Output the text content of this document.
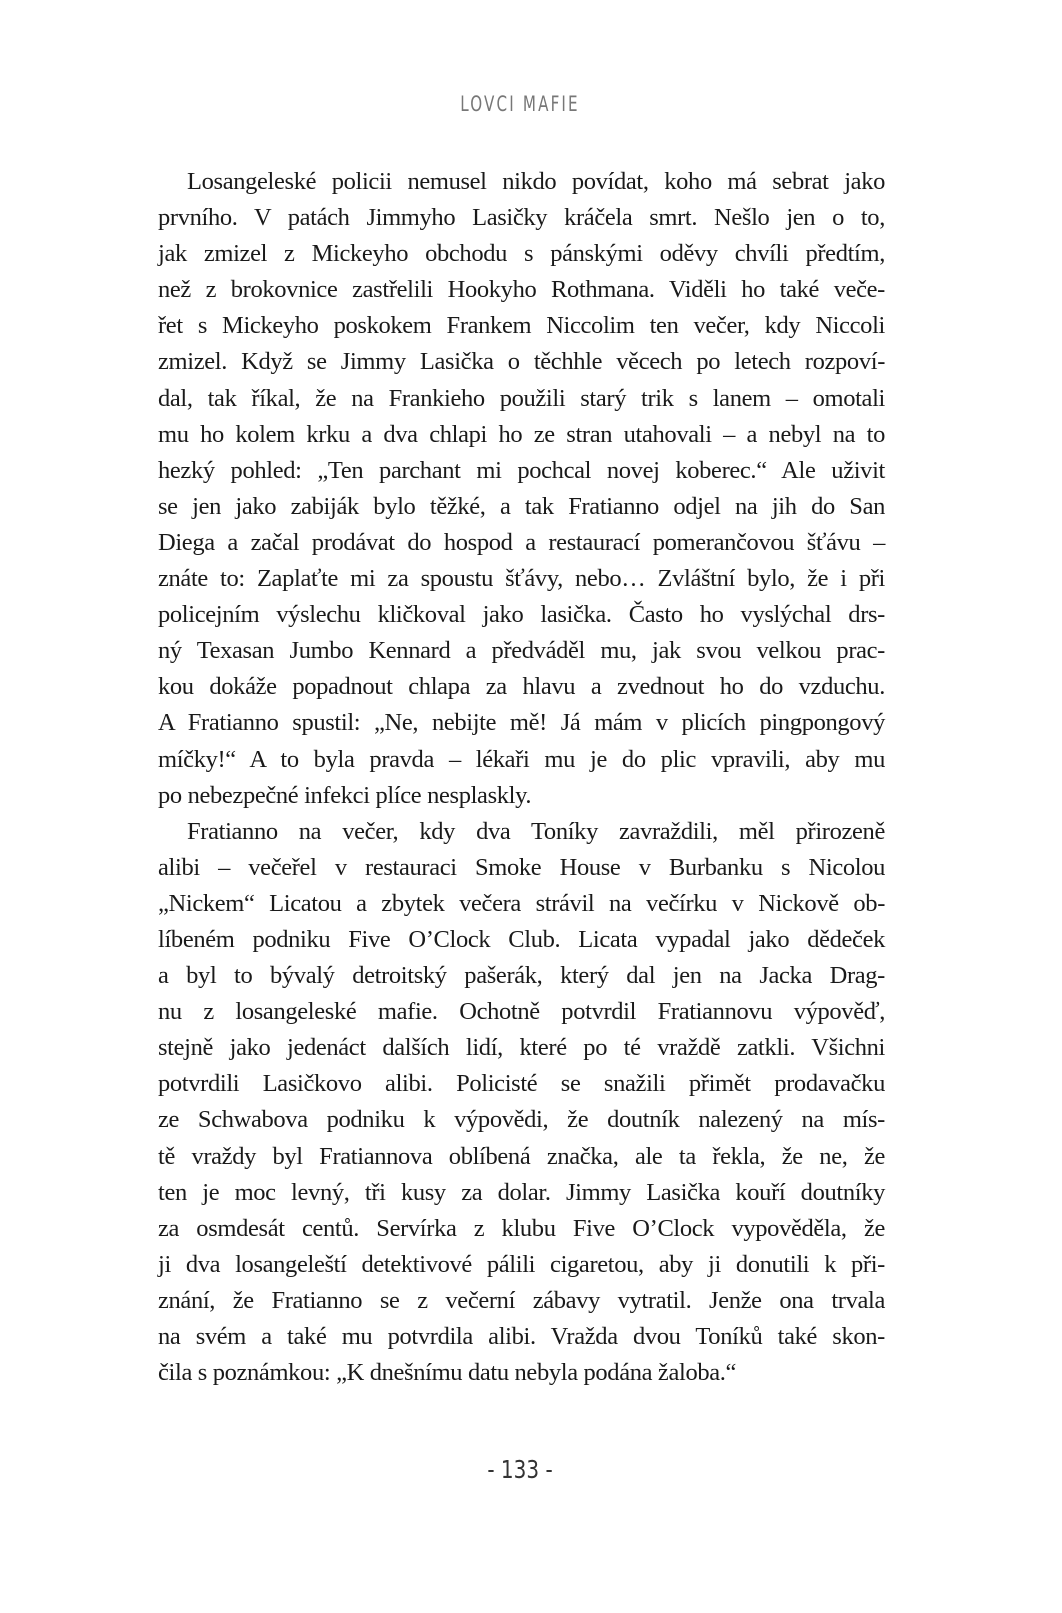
LOVCI MAFIE
Losangeleské policii nemusel nikdo povídat, koho má sebrat jako
prvního. V patách Jimmyho Lasičky kráčela smrt. Nešlo jen o to,
jak zmizel z Mickeyho obchodu s pánskými oděvy chvíli předtím,
než z brokovnice zastřelili Hookyho Rothmana. Viděli ho také veče-
řet s Mickeyho poskokem Frankem Niccolim ten večer, kdy Niccoli
zmizel. Když se Jimmy Lasička o těchhle věcech po letech rozpoví-
dal, tak říkal, že na Frankieho použili starý trik s lanem – omotali
mu ho kolem krku a dva chlapi ho ze stran utahovali – a nebyl na to
hezký pohled: „Ten parchant mi pochcal novej koberec.“ Ale uživit
se jen jako zabiják bylo těžké, a tak Fratianno odjel na jih do San
Diega a začal prodávat do hospod a restaurací pomerančovou šťávu –
znáte to: Zaplaťte mi za spoustu šťávy, nebo… Zvláštní bylo, že i při
policejním výslechu kličkoval jako lasička. Často ho vyslýchal drs-
ný Texasan Jumbo Kennard a předváděl mu, jak svou velkou prac-
kou dokáže popadnout chlapa za hlavu a zvednout ho do vzduchu.
A Fratianno spustil: „Ne, nebijte mě! Já mám v plicích pingpongový
míčky!“ A to byla pravda – lékaři mu je do plic vpravili, aby mu
po nebezpečné infekci plíce nesplaskly.
Fratianno na večer, kdy dva Toníky zavraždili, měl přirozeně
alibi – večeřel v restauraci Smoke House v Burbanku s Nicolou
„Nickem“ Licatou a zbytek večera strávil na večírku v Nickově ob-
líbeném podniku Five O’Clock Club. Licata vypadal jako dědeček
a byl to bývalý detroitský pašerák, který dal jen na Jacka Drag-
nu z losangeleské mafie. Ochotně potvrdil Fratiannovu výpověď,
stejně jako jedenáct dalších lidí, které po té vraždě zatkli. Všichni
potvrdili Lasičkovo alibi. Policisté se snažili přimět prodavačku
ze Schwabova podniku k výpovědi, že doutník nalezený na mís-
tě vraždy byl Fratiannova oblíbená značka, ale ta řekla, že ne, že
ten je moc levný, tři kusy za dolar. Jimmy Lasička kouří doutníky
za osmdesát centů. Servírka z klubu Five O’Clock vypověděla, že
ji dva losangeleští detektivové pálili cigaretou, aby ji donutili k při-
znání, že Fratianno se z večerní zábavy vytratil. Jenže ona trvala
na svém a také mu potvrdila alibi. Vražda dvou Toníků také skon-
čila s poznámkou: „K dnešnímu datu nebyla podána žaloba.“
- 133 -
